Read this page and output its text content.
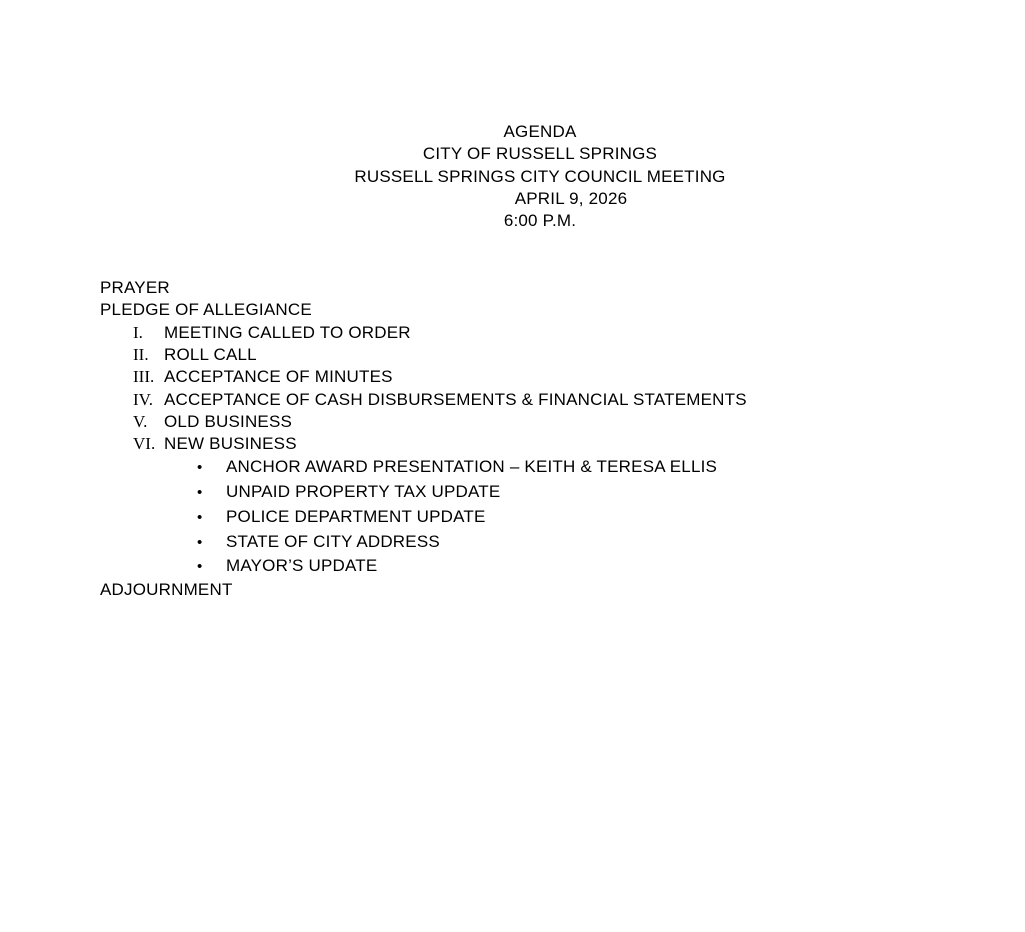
AGENDA
CITY OF RUSSELL SPRINGS
RUSSELL SPRINGS CITY COUNCIL MEETING
APRIL 9, 2026
6:00 P.M.
PRAYER
PLEDGE OF ALLEGIANCE
I.	MEETING CALLED TO ORDER
II. ROLL CALL
III. ACCEPTANCE OF MINUTES
IV. ACCEPTANCE OF CASH DISBURSEMENTS & FINANCIAL STATEMENTS
V. OLD BUSINESS
VI. NEW BUSINESS
•	ANCHOR AWARD PRESENTATION – KEITH & TERESA ELLIS
•	UNPAID PROPERTY TAX UPDATE
•	POLICE DEPARTMENT UPDATE
•	STATE OF CITY ADDRESS
•	MAYOR’S UPDATE
ADJOURNMENT
